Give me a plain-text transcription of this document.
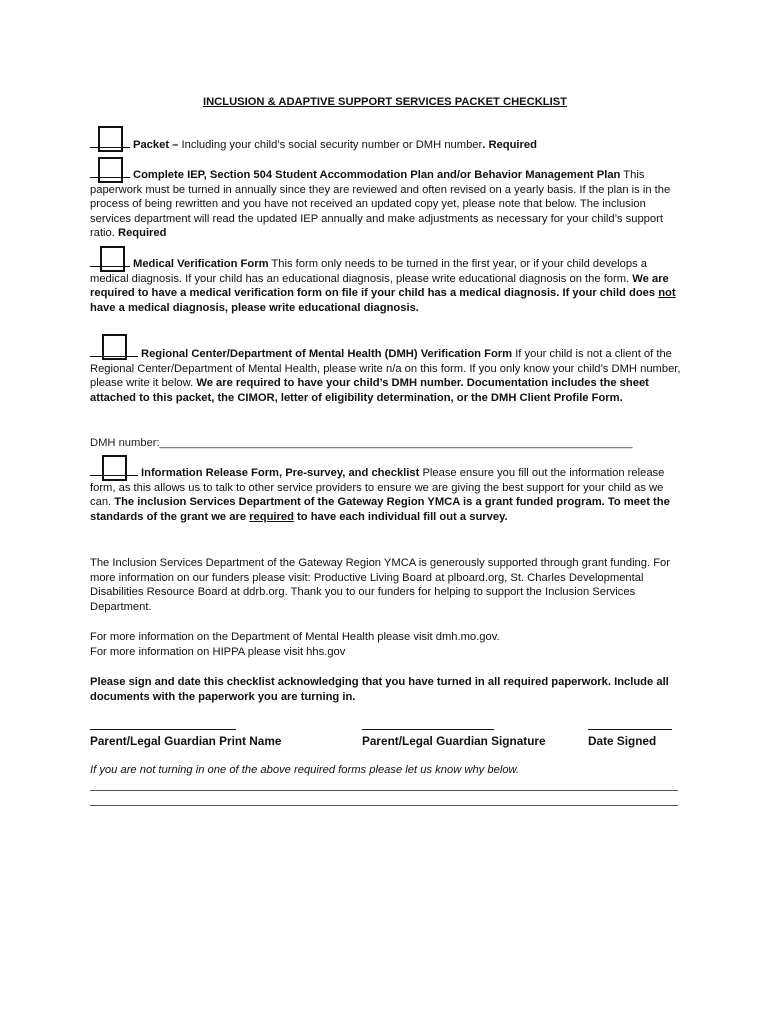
INCLUSION & ADAPTIVE SUPPORT SERVICES PACKET CHECKLIST
Packet – Including your child’s social security number or DMH number. Required
Complete IEP, Section 504 Student Accommodation Plan and/or Behavior Management Plan This paperwork must be turned in annually since they are reviewed and often revised on a yearly basis. If the plan is in the process of being rewritten and you have not received an updated copy yet, please note that below. The inclusion services department will read the updated IEP annually and make adjustments as necessary for your child’s support ratio. Required
Medical Verification Form This form only needs to be turned in the first year, or if your child develops a medical diagnosis. If your child has an educational diagnosis, please write educational diagnosis on the form. We are required to have a medical verification form on file if your child has a medical diagnosis. If your child does not have a medical diagnosis, please write educational diagnosis.
Regional Center/Department of Mental Health (DMH) Verification Form If your child is not a client of the Regional Center/Department of Mental Health, please write n/a on this form. If you only know your child’s DMH number, please write it below. We are required to have your child’s DMH number. Documentation includes the sheet attached to this packet, the CIMOR, letter of eligibility determination, or the DMH Client Profile Form.
DMH number:____________________________________________________________________________
Information Release Form, Pre-survey, and checklist Please ensure you fill out the information release form, as this allows us to talk to other service providers to ensure we are giving the best support for your child as we can. The inclusion Services Department of the Gateway Region YMCA is a grant funded program. To meet the standards of the grant we are required to have each individual fill out a survey.
The Inclusion Services Department of the Gateway Region YMCA is generously supported through grant funding. For more information on our funders please visit: Productive Living Board at plboard.org, St. Charles Developmental Disabilities Resource Board at ddrb.org. Thank you to our funders for helping to support the Inclusion Services Department.
For more information on the Department of Mental Health please visit dmh.mo.gov.
For more information on HIPPA please visit hhs.gov
Please sign and date this checklist acknowledging that you have turned in all required paperwork. Include all documents with the paperwork you are turning in.
Parent/Legal Guardian Print Name	Parent/Legal Guardian Signature	Date Signed
If you are not turning in one of the above required forms please let us know why below.
